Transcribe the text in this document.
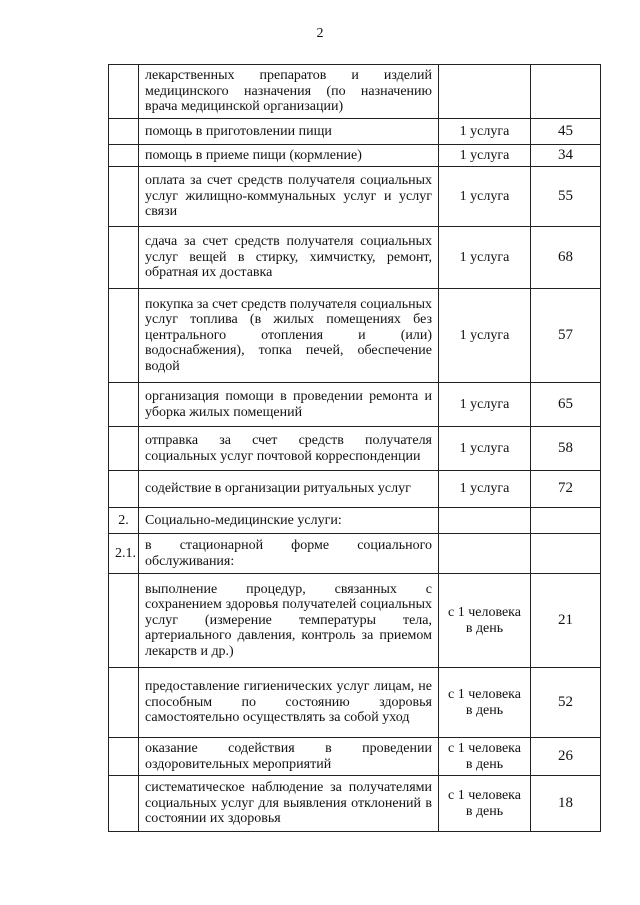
2
	лекарственных препаратов и изделий медицинского назначения (по назначению врача медицинской организации)		
	помощь в приготовлении пищи	1 услуга	45
	помощь в приеме пищи (кормление)	1 услуга	34
	оплата за счет средств получателя социальных услуг жилищно-коммунальных услуг и услуг связи	1 услуга	55
	сдача за счет средств получателя социальных услуг вещей в стирку, химчистку, ремонт, обратная их доставка	1 услуга	68
	покупка за счет средств получателя социальных услуг топлива (в жилых помещениях без центрального отопления и (или) водоснабжения), топка печей, обеспечение водой	1 услуга	57
	организация помощи в проведении ремонта и уборка жилых помещений	1 услуга	65
	отправка за счет средств получателя социальных услуг почтовой корреспонденции	1 услуга	58
	содействие в организации ритуальных услуг	1 услуга	72
2.	Социально-медицинские услуги:		
2.1.	в стационарной форме социального обслуживания:		
	выполнение процедур, связанных с сохранением здоровья получателей социальных услуг (измерение температуры тела, артериального давления, контроль за приемом лекарств и др.)	с 1 человека в день	21
	предоставление гигиенических услуг лицам, не способным по состоянию здоровья самостоятельно осуществлять за собой уход	с 1 человека в день	52
	оказание содействия в проведении оздоровительных мероприятий	с 1 человека в день	26
	систематическое наблюдение за получателями социальных услуг для выявления отклонений в состоянии их здоровья	с 1 человека в день	18
